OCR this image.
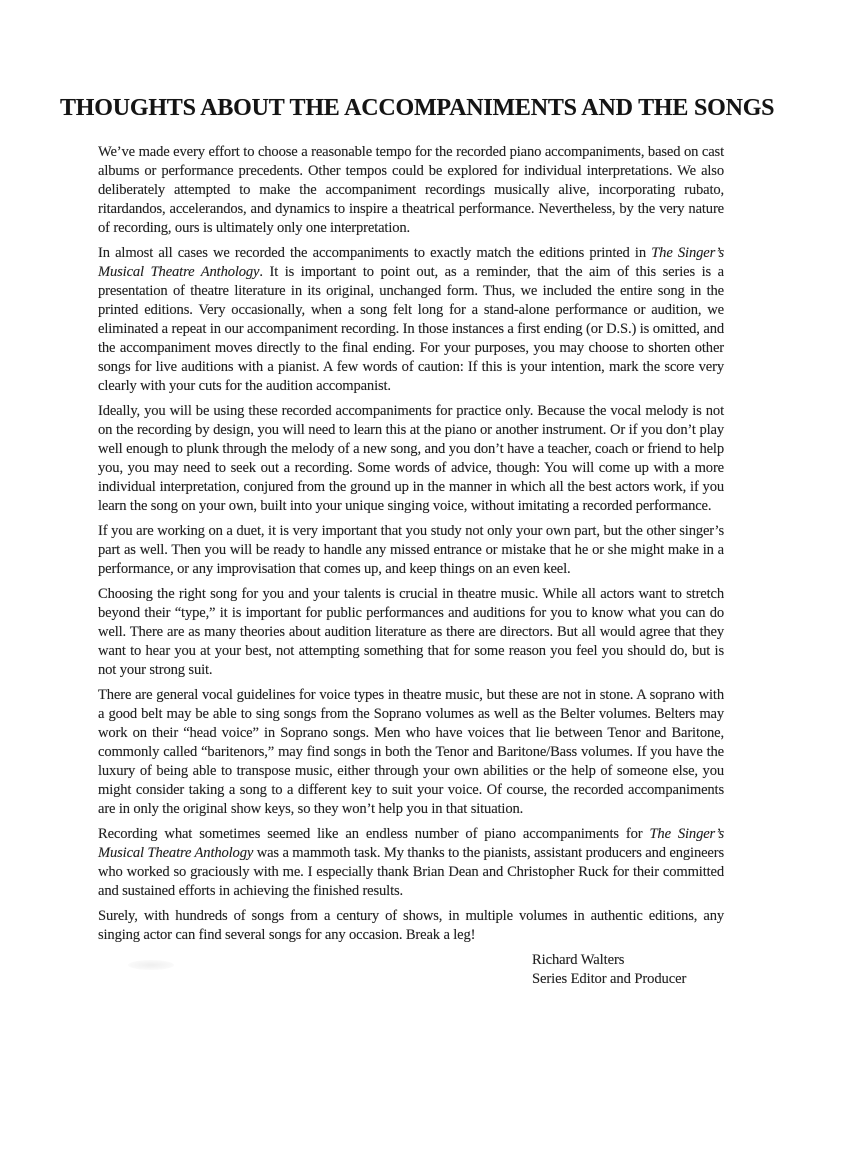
THOUGHTS ABOUT THE ACCOMPANIMENTS AND THE SONGS

We’ve made every effort to choose a reasonable tempo for the recorded piano accompaniments, based on cast albums or performance precedents. Other tempos could be explored for individual interpretations. We also deliberately attempted to make the accompaniment recordings musically alive, incorporating rubato, ritardandos, accelerandos, and dynamics to inspire a theatrical performance. Nevertheless, by the very nature of recording, ours is ultimately only one interpretation.

In almost all cases we recorded the accompaniments to exactly match the editions printed in The Singer’s Musical Theatre Anthology. It is important to point out, as a reminder, that the aim of this series is a presentation of theatre literature in its original, unchanged form. Thus, we included the entire song in the printed editions. Very occasionally, when a song felt long for a stand-alone performance or audition, we eliminated a repeat in our accompaniment recording. In those instances a first ending (or D.S.) is omitted, and the accompaniment moves directly to the final ending. For your purposes, you may choose to shorten other songs for live auditions with a pianist. A few words of caution: If this is your intention, mark the score very clearly with your cuts for the audition accompanist.

Ideally, you will be using these recorded accompaniments for practice only. Because the vocal melody is not on the recording by design, you will need to learn this at the piano or another instrument. Or if you don’t play well enough to plunk through the melody of a new song, and you don’t have a teacher, coach or friend to help you, you may need to seek out a recording. Some words of advice, though: You will come up with a more individual interpretation, conjured from the ground up in the manner in which all the best actors work, if you learn the song on your own, built into your unique singing voice, without imitating a recorded performance.

If you are working on a duet, it is very important that you study not only your own part, but the other singer’s part as well. Then you will be ready to handle any missed entrance or mistake that he or she might make in a performance, or any improvisation that comes up, and keep things on an even keel.

Choosing the right song for you and your talents is crucial in theatre music. While all actors want to stretch beyond their “type,” it is important for public performances and auditions for you to know what you can do well. There are as many theories about audition literature as there are directors. But all would agree that they want to hear you at your best, not attempting something that for some reason you feel you should do, but is not your strong suit.

There are general vocal guidelines for voice types in theatre music, but these are not in stone. A soprano with a good belt may be able to sing songs from the Soprano volumes as well as the Belter volumes. Belters may work on their “head voice” in Soprano songs. Men who have voices that lie between Tenor and Baritone, commonly called “baritenors,” may find songs in both the Tenor and Baritone/Bass volumes. If you have the luxury of being able to transpose music, either through your own abilities or the help of someone else, you might consider taking a song to a different key to suit your voice. Of course, the recorded accompaniments are in only the original show keys, so they won’t help you in that situation.

Recording what sometimes seemed like an endless number of piano accompaniments for The Singer’s Musical Theatre Anthology was a mammoth task. My thanks to the pianists, assistant producers and engineers who worked so graciously with me. I especially thank Brian Dean and Christopher Ruck for their committed and sustained efforts in achieving the finished results.

Surely, with hundreds of songs from a century of shows, in multiple volumes in authentic editions, any singing actor can find several songs for any occasion. Break a leg!

Richard Walters
Series Editor and Producer
